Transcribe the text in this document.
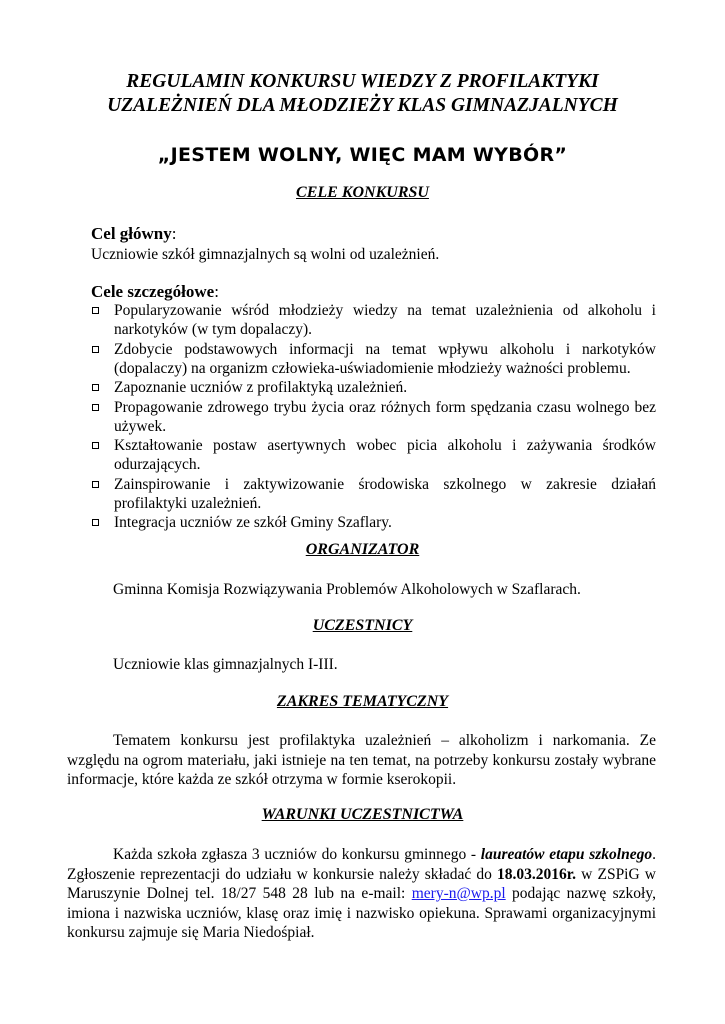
REGULAMIN KONKURSU WIEDZY Z PROFILAKTYKI
UZALEŻNIEŃ DLA MŁODZIEŻY KLAS GIMNAZJALNYCH

„JESTEM WOLNY, WIĘC MAM WYBÓR”

CELE KONKURSU

Cel główny:

Uczniowie szkół gimnazjalnych są wolni od uzależnień.

Cele szczegółowe:

Popularyzowanie wśród młodzieży wiedzy na temat uzależnienia od alkoholu i narkotyków (w tym dopalaczy).
Zdobycie podstawowych informacji na temat wpływu alkoholu i narkotyków (dopalaczy) na organizm człowieka-uświadomienie młodzieży ważności problemu.
Zapoznanie uczniów z profilaktyką uzależnień.
Propagowanie zdrowego trybu życia oraz różnych form spędzania czasu wolnego bez używek.
Kształtowanie postaw asertywnych wobec picia alkoholu i zażywania środków odurzających.
Zainspirowanie i zaktywizowanie środowiska szkolnego w zakresie działań profilaktyki uzależnień.
Integracja uczniów ze szkół Gminy Szaflary.
ORGANIZATOR

Gminna Komisja Rozwiązywania Problemów Alkoholowych w Szaflarach.

UCZESTNICY

Uczniowie klas gimnazjalnych I-III.

ZAKRES TEMATYCZNY

Tematem konkursu jest profilaktyka uzależnień – alkoholizm i narkomania. Ze względu na ogrom materiału, jaki istnieje na ten temat, na potrzeby konkursu zostały wybrane informacje, które każda ze szkół otrzyma w formie kserokopii.

WARUNKI UCZESTNICTWA

Każda szkoła zgłasza 3 uczniów do konkursu gminnego - laureatów etapu szkolnego. Zgłoszenie reprezentacji do udziału w konkursie należy składać do 18.03.2016r. w ZSPiG w Maruszynie Dolnej tel. 18/27 548 28 lub na e-mail: mery-n@wp.pl podając nazwę szkoły, imiona i nazwiska uczniów, klasę oraz imię i nazwisko opiekuna. Sprawami organizacyjnymi konkursu zajmuje się Maria Niedośpiał.
